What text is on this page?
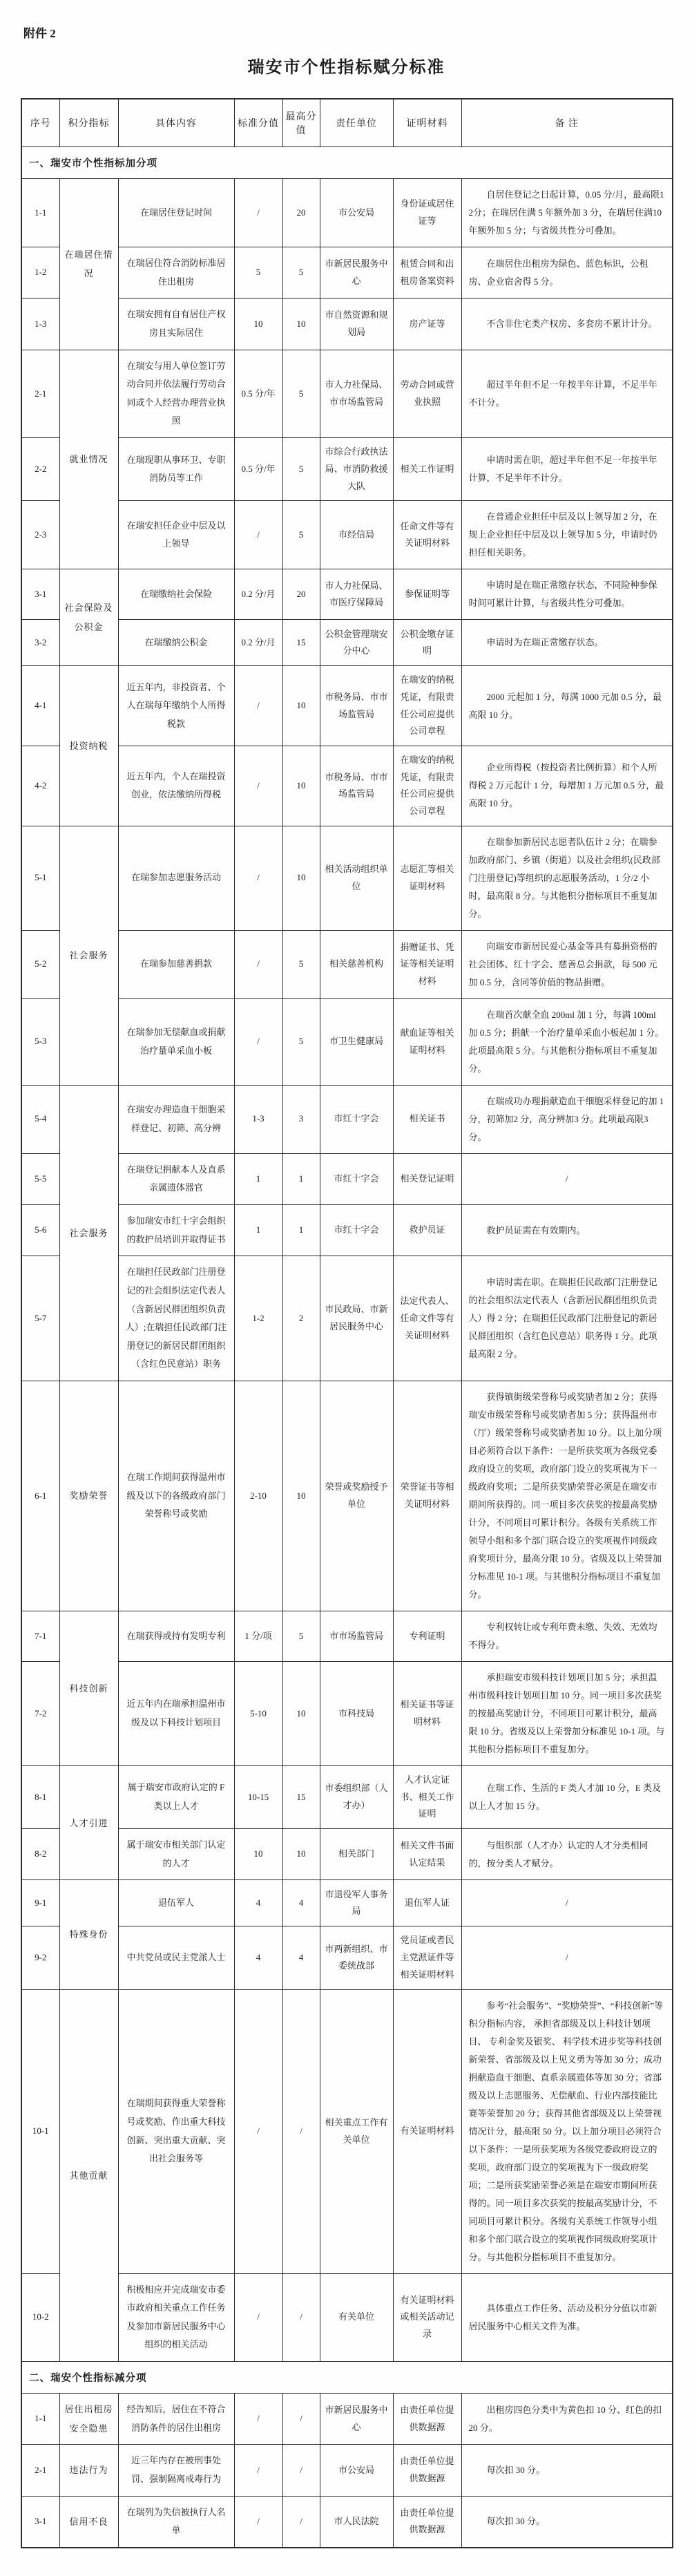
附件 2
瑞安市个性指标赋分标准
序号	积分指标	具体内容	标准分值	最高分值	责任单位	证明材料	备 注
一、瑞安市个性指标加分项							
1-1	在瑞居住情况	在瑞居住登记时间	/	20	市公安局	身份证或居住证等	自居住登记之日起计算，0.05 分/月，最高限12分；在瑞居住满 5 年额外加 3 分，在瑞居住满10年额外加 5 分；与省级共性分可叠加。

1-2		在瑞居住符合消防标准居住出租房	5	5	市新居民服务中心	租赁合同和出租房备案资料	在瑞居住出租房为绿色、蓝色标识，公租房、企业宿舍得 5 分。

1-3		在瑞安拥有自有居住产权房且实际居住	10	10	市自然资源和规划局	房产证等	不含非住宅类产权房、多套房不累计计分。

2-1	就业情况	在瑞安与用人单位签订劳动合同并依法履行劳动合同或个人经营办理营业执照	0.5 分/年	5	市人力社保局、市市场监管局	劳动合同或营业执照	超过半年但不足一年按半年计算，不足半年不计分。

2-2		在瑞现职从事环卫、专职消防员等工作	0.5 分/年	5	市综合行政执法局、市消防救援大队	相关工作证明	申请时需在职，超过半年但不足一年按半年计算，不足半年不计分。

2-3		在瑞安担任企业中层及以上领导	/	5	市经信局	任命文件等有关证明材料	在普通企业担任中层及以上领导加 2 分，在规上企业担任中层及以上领导加 5 分，申请时仍担任相关职务。

3-1	社会保险及公积金	在瑞缴纳社会保险	0.2 分/月	20	市人力社保局、市医疗保障局	参保证明等	申请时是在瑞正常缴存状态，不同险种参保时间可累计计算，与省级共性分可叠加。

3-2		在瑞缴纳公积金	0.2 分/月	15	公积金管理瑞安分中心	公积金缴存证明	申请时为在瑞正常缴存状态。

4-1	投资纳税	近五年内，非投资者、个人在瑞每年缴纳个人所得税款	/	10	市税务局、市市场监管局	在瑞安的纳税凭证，有限责任公司应提供公司章程	2000 元起加 1 分，每满 1000 元加 0.5 分，最高限 10 分。

4-2		近五年内，个人在瑞投资创业，依法缴纳所得税	/	10	市税务局、市市场监管局	在瑞安的纳税凭证，有限责任公司应提供公司章程	企业所得税（按投资者比例折算）和个人所得税 2 万元起计 1 分，每增加 1 万元加 0.5 分，最高限 10 分。

5-1	社会服务	在瑞参加志愿服务活动	/	10	相关活动组织单位	志愿汇等相关证明材料	在瑞参加新居民志愿者队伍计 2 分；在瑞参加政府部门、乡镇（街道）以及社会组织(民政部门注册登记)等组织的志愿服务活动，1 分/2 小时，最高限 8 分。与其他积分指标项目不重复加分。

5-2		在瑞参加慈善捐款	/	5	相关慈善机构	捐赠证书、凭证等相关证明材料	向瑞安市新居民爱心基金等具有募捐资格的社会团体、红十字会、慈善总会捐款，每 500 元加 0.5 分，含同等价值的物品捐赠。

5-3		在瑞参加无偿献血或捐献治疗量单采血小板	/	5	市卫生健康局	献血证等相关证明材料	在瑞首次献全血 200ml 加 1 分，每满 100ml 加 0.5 分；捐献一个治疗量单采血小板起加 1 分。此项最高限 5 分。与其他积分指标项目不重复加分。

5-4	社会服务	在瑞安办理造血干细胞采样登记、初筛、高分辨	1-3	3	市红十字会	相关证书	在瑞成功办理捐献造血干细胞采样登记的加 1 分，初筛加2 分，高分辨加3 分。此项最高限3 分。

5-5		在瑞登记捐献本人及直系亲属遗体器官	1	1	市红十字会	相关登记证明	/
5-6		参加瑞安市红十字会组织的救护员培训并取得证书	1	1	市红十字会	救护员证	救护员证需在有效期内。

5-7		在瑞担任民政部门注册登记的社会组织法定代表人（含新居民群团组织负责人）;在瑞担任民政部门注册登记的新居民群团组织（含红色民意站）职务	1-2	2	市民政局、市新居民服务中心	法定代表人、任命文件等有关证明材料	申请时需在职。在瑞担任民政部门注册登记的社会组织法定代表人（含新居民群团组织负责人）得 2 分；在瑞担任民政部门注册登记的新居民群团组织（含红色民意站）职务得 1 分。此项最高限 2 分。

6-1	奖励荣誉	在瑞工作期间获得温州市级及以下的各级政府部门荣誉称号或奖励	2-10	10	荣誉或奖励授予单位	荣誉证书等相关证明材料	获得镇街级荣誉称号或奖励者加 2 分；获得瑞安市级荣誉称号或奖励者加 5 分；获得温州市（厅）级荣誉称号或奖励者加 10 分。以上加分项目必须符合以下条件：一是所获奖项为各级党委政府设立的奖项，政府部门设立的奖项视为下一级政府奖项；二是所获奖励荣誉必须是在瑞安市期间所获得的。同一项目多次获奖的按最高奖励计分，不同项目可累计积分。各级有关系统工作领导小组和多个部门联合设立的奖项视作同级政府奖项计分，最高分限 10 分。省级及以上荣誉加分标准见 10-1 项。与其他积分指标项目不重复加分。

7-1	科技创新	在瑞获得或持有发明专利	1 分/项	5	市市场监管局	专利证明	专利权转让或专利年费未缴、失效、无效均不得分。

7-2		近五年内在瑞承担温州市级及以下科技计划项目	5-10	10	市科技局	相关证书等证明材料	承担瑞安市级科技计划项目加 5 分；承担温州市级科技计划项目加 10 分。同一项目多次获奖的按最高奖励计分，不同项目可累计积分，最高限 10 分。省级及以上荣誉加分标准见 10-1 项。与其他积分指标项目不重复加分。

8-1	人才引进	属于瑞安市政府认定的 F 类以上人才	10-15	15	市委组织部（人才办）	人才认定证书、相关工作证明	在瑞工作、生活的 F 类人才加 10 分，E 类及以上人才加 15 分。

8-2		属于瑞安市相关部门认定的人才	10	10	相关部门	相关文件书面认定结果	与组织部（人才办）认定的人才分类相同的，按分类人才赋分。

9-1	特殊身份	退伍军人	4	4	市退役军人事务局	退伍军人证	/
9-2		中共党员或民主党派人士	4	4	市两新组织、市委统战部	党员证或者民主党派证件等相关证明材料	/
10-1	其他贡献	在瑞期间获得重大荣誉称号或奖励、作出重大科技创新、突出重大贡献、突出社会服务等	/	/	相关重点工作有关单位	有关证明材料	参考“社会服务”、“奖励荣誉”、“科技创新”等积分指标内容， 承担省部级及以上科技计划项目、 专利金奖及银奖、 科学技术进步奖等科技创新荣誉、省部级及以上见义勇为等加 30 分；成功捐献造血干细胞、直系亲属遗体等加 30 分；省部级及以上志愿服务、无偿献血、行业内部技能比赛等荣誉加 20 分；获得其他省部级及以上荣誉视情况计分，最高限 50 分。以上加分项目必须符合以下条件：一是所获奖项为各级党委政府设立的奖项，政府部门设立的奖项视为下一级政府奖项；二是所获奖励荣誉必须是在瑞安市期间所获得的。同一项目多次获奖的按最高奖励计分，不同项目可累计积分。各级有关系统工作领导小组和多个部门联合设立的奖项视作同级政府奖项计分。与其他积分指标项目不重复加分。

10-2		积极相应并完成瑞安市委市政府相关重点工作任务及参加市新居民服务中心组织的相关活动	/	/	有关单位	有关证明材料或相关活动记录	具体重点工作任务、活动及积分分值以市新居民服务中心相关文件为准。

二、瑞安个性指标减分项							
1-1	居住出租房安全隐患	经告知后，居住在不符合消防条件的居住出租房	/	/	市新居民服务中心	由责任单位提供数据源	出租房四色分类中为黄色扣 10 分、红色的扣 20 分。

2-1	违法行为	近三年内存在被刑事处罚、强制隔离戒毒行为	/	/	市公安局	由责任单位提供数据源	每次扣 30 分。

3-1	信用不良	在瑞列为失信被执行人名单	/	/	市人民法院	由责任单位提供数据源	每次扣 30 分。
